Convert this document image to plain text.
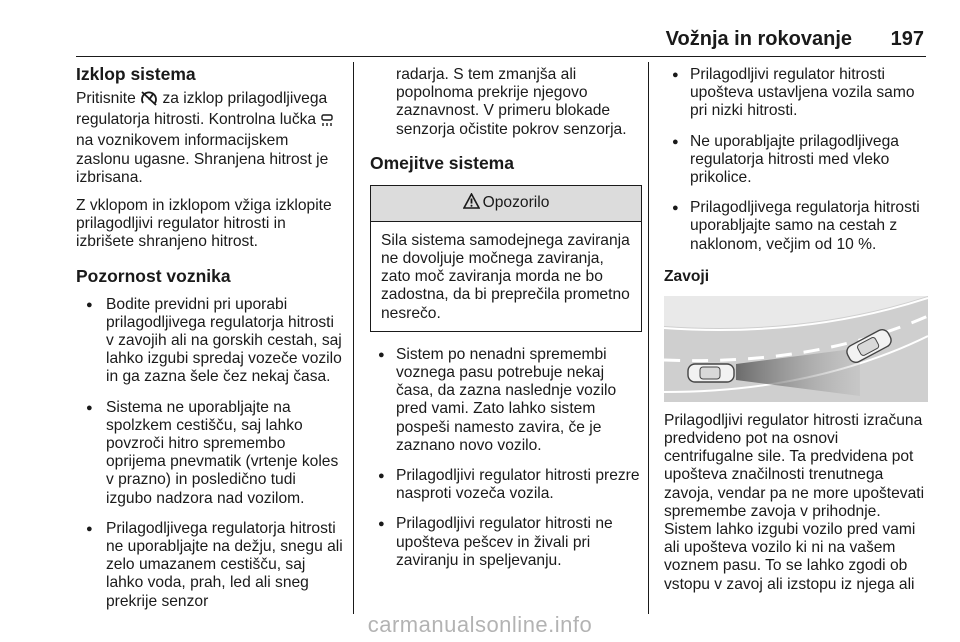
Vožnja in rokovanje 197
Izklop sistema

Pritisnite za izklop prilagodljivega regulatorja hitrosti. Kontrolna lučka  na voznikovem informacijskem zaslonu ugasne. Shranjena hitrost je izbrisana.

Z vklopom in izklopom vžiga izklopite prilagodljivi regulator hitrosti in izbrišete shranjeno hitrost.

Pozornost voznika
● Bodite previdni pri uporabi prilagodljivega regulatorja hitrosti v zavojih ali na gorskih cestah, saj lahko izgubi spredaj vozeče vozilo in ga zazna šele čez nekaj časa.
● Sistema ne uporabljajte na spolzkem cestišču, saj lahko povzroči hitro spremembo oprijema pnevmatik (vrtenje koles v prazno) in posledično tudi izgubo nadzora nad vozilom.
● Prilagodljivega regulatorja hitrosti ne uporabljajte na dežju, snegu ali zelo umazanem cestišču, saj lahko voda, prah, led ali sneg prekrije senzor

radarja. S tem zmanjša ali popolnoma prekrije njegovo zaznavnost. V primeru blokade senzorja očistite pokrov senzorja.

Omejitve sistema
Opozorilo
Sila sistema samodejnega zaviranja ne dovoljuje močnega zaviranja, zato moč zaviranja morda ne bo zadostna, da bi preprečila prometno nesrečo.
● Sistem po nenadni spremembi voznega pasu potrebuje nekaj časa, da zazna naslednje vozilo pred vami. Zato lahko sistem pospeši namesto zavira, če je zaznano novo vozilo.
● Prilagodljivi regulator hitrosti prezre nasproti vozeča vozila.
● Prilagodljivi regulator hitrosti ne upošteva pešcev in živali pri zaviranju in speljevanju.
● Prilagodljivi regulator hitrosti upošteva ustavljena vozila samo pri nizki hitrosti.
● Ne uporabljajte prilagodljivega regulatorja hitrosti med vleko prikolice.
● Prilagodljivega regulatorja hitrosti uporabljajte samo na cestah z naklonom, večjim od 10 %.
Zavoji

Prilagodljivi regulator hitrosti izračuna predvideno pot na osnovi centrifugalne sile. Ta predvidena pot upošteva značilnosti trenutnega zavoja, vendar pa ne more upoštevati spremembe zavoja v prihodnje. Sistem lahko izgubi vozilo pred vami ali upošteva vozilo ki ni na vašem voznem pasu. To se lahko zgodi ob vstopu v zavoj ali izstopu iz njega ali

carmanualsonline.info
